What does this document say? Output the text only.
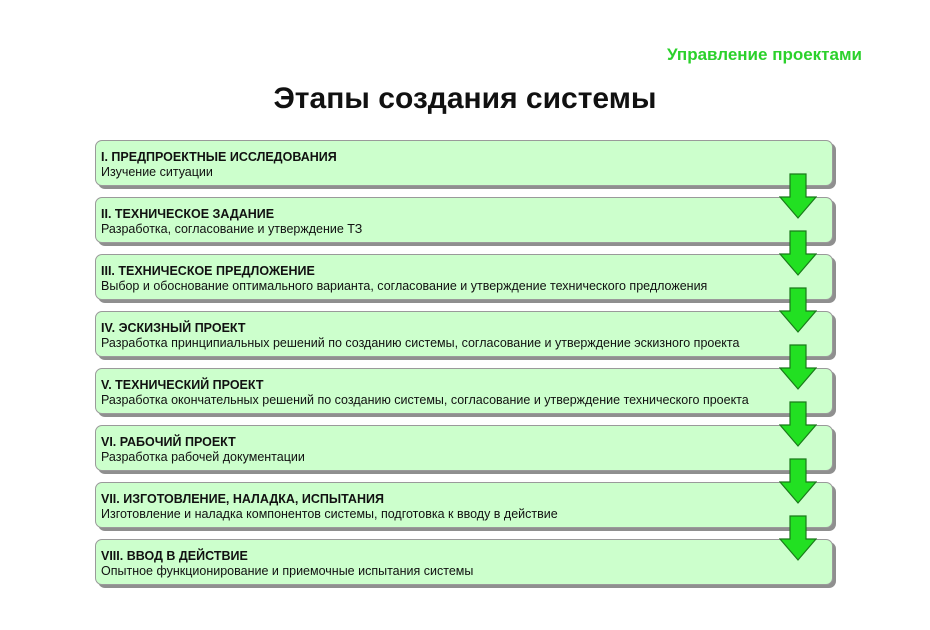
Управление проектами
Этапы создания системы
I. ПРЕДПРОЕКТНЫЕ ИССЛЕДОВАНИЯ
Изучение ситуации
II. ТЕХНИЧЕСКОЕ ЗАДАНИЕ
Разработка, согласование и утверждение ТЗ
III. ТЕХНИЧЕСКОЕ ПРЕДЛОЖЕНИЕ
Выбор и обоснование оптимального варианта, согласование и утверждение технического предложения
IV. ЭСКИЗНЫЙ ПРОЕКТ
Разработка принципиальных решений по созданию системы, согласование и утверждение эскизного проекта
V. ТЕХНИЧЕСКИЙ ПРОЕКТ
Разработка окончательных решений по созданию системы, согласование и утверждение технического проекта
VI. РАБОЧИЙ ПРОЕКТ
Разработка рабочей документации
VII. ИЗГОТОВЛЕНИЕ, НАЛАДКА, ИСПЫТАНИЯ
Изготовление и наладка компонентов системы, подготовка к вводу в действие
VIII. ВВОД В ДЕЙСТВИЕ
Опытное функционирование и приемочные испытания системы
